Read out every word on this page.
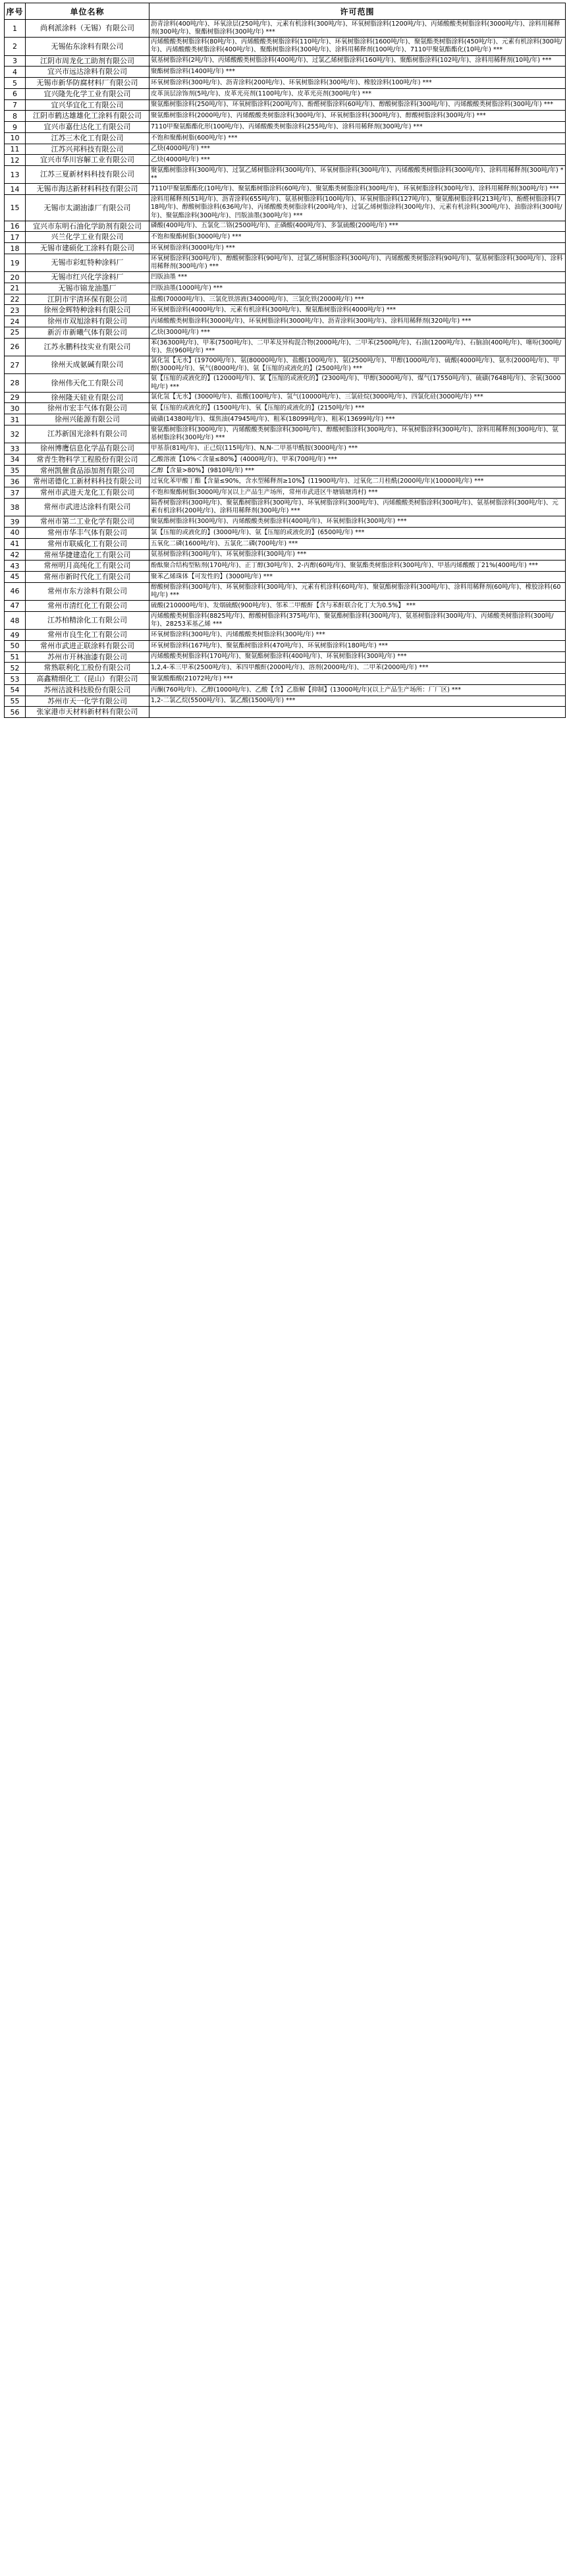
序号	单位名称	许可范围
1	尚利派涂料（无锡）有限公司	沥青涂料(400吨/年)、环氧涂层(250吨/年)、元素有机涂料(300吨/年)、环氧树脂涂料(1200吨/年)、丙烯酸酸类树脂涂料(3000吨/年)、涂料用稀释剂(300吨/年)、聚酯树脂涂料(300吨/年) ***
2	无锡佑东涂料有限公司	丙烯酸酸类树脂涂料(80吨/年)、丙烯酸酸类树脂涂料(110吨/年)、环氧树脂涂料(1600吨/年)、聚氨酯类树脂涂料(450吨/年)、元素有机涂料(300吨/年)、丙烯酸酸类树脂涂料(400吨/年)、聚酯树脂涂料(300吨/年)、涂料用稀释剂(100吨/年)、7110甲聚氨酯酯化(10吨/年) ***
3	江阴市周龙化工助剂有限公司	氨基树脂涂料(2吨/年)、丙烯酸酸类树脂涂料(400吨/年)、过氯乙烯树脂涂料(160吨/年)、聚酯树脂涂料(102吨/年)、涂料用稀释剂(10吨/年) ***
4	宜兴市远达涂料有限公司	聚酯树脂涂料(1400吨/年) ***
5	无锡市新华防腐材料厂有限公司	环氧树脂涂料(300吨/年)、沥青涂料(200吨/年)、环氧树脂涂料(300吨/年)、橡胶涂料(100吨/年) ***
6	宜兴隆先化学工业有限公司	皮革顶层涂饰剂(5吨/年)、皮革光亮剂(1100吨/年)、皮革光亮剂(300吨/年) ***
7	宜兴华宜化工有限公司	聚氨酯树脂涂料(250吨/年)、环氧树脂涂料(200吨/年)、酚醛树脂涂料(60吨/年)、醇酸树脂涂料(300吨/年)、丙烯酸酸类树脂涂料(300吨/年) ***
8	江阴市鹤达雄雄化工涂料有限公司	聚氨酯树脂涂料(2000吨/年)、丙烯酸酸类树脂涂料(300吨/年)、环氧树脂涂料(300吨/年)、醇酸树脂涂料(300吨/年) ***
9	宜兴市嘉仕达化工有限公司	7110甲聚氨酯酯化形(100吨/年)、丙烯酸酸类树脂涂料(255吨/年)、涂料用稀释剂(300吨/年) ***
10	江苏三木化工有限公司	不饱和聚酯树脂(600吨/年) ***
11	江苏兴邦科技有限公司	乙炔(4000吨/年) ***
12	宜兴市华川容解工业有限公司	乙炔(4000吨/年) ***
13	江苏三夏新材料科技有限公司	聚氨酯树脂涂料(300吨/年)、过氯乙烯树脂涂料(300吨/年)、环氧树脂涂料(300吨/年)、丙烯酸酸类树脂涂料(300吨/年)、涂料用稀释剂(300吨/年) ***
14	无锡市海达新材料科技有限公司	7110甲聚氨酯酯化(10吨/年)、聚氨酯树脂涂料(60吨/年)、聚氨酯类树脂涂料(300吨/年)、环氧树脂涂料(300吨/年)、涂料用稀释剂(300吨/年) ***
15	无锡市太湖油漆厂有限公司	涂料用稀释剂(51吨/年)、沥青涂料(655吨/年)、氨基树脂涂料(100吨/年)、环氧树脂涂料(127吨/年)、聚氨酯树脂涂料(213吨/年)、酚醛树脂涂料(718吨/年)、醇酸树脂涂料(636吨/年)、丙烯酸酸类树脂涂料(200吨/年)、过氯乙烯树脂涂料(300吨/年)、元素有机涂料(300吨/年)、油脂涂料(300吨/年)、聚氨酯涂料(300吨/年)、凹版油墨(300吨/年) ***
16	宜兴市东明石油化学助剂有限公司	磷酸(400吨/年)、五氯化二铬(2500吨/年)、正磷酸(400吨/年)、多氯硫酸(200吨/年) ***
17	兴兰化学工业有限公司	不饱和聚酯树脂(3000吨/年) ***
18	无锡市建硕化工涂料有限公司	环氧树脂涂料(3000吨/年) ***
19	无锡市彩虹特种涂料厂	环氧树脂涂料(300吨/年)、醇酸树脂涂料(90吨/年)、过氯乙烯树脂涂料(300吨/年)、丙烯酸酸类树脂涂料(90吨/年)、氨基树脂涂料(300吨/年)、涂料用稀释剂(300吨/年) ***
20	无锡市红兴化学涂料厂	凹版油墨 ***
21	无锡市锦龙油墨厂	凹版油墨(1000吨/年) ***
22	江阴市宇清环保有限公司	盐酸(70000吨/年)、三氯化铁溶液(34000吨/年)、三氯化铁(2000吨/年) ***
23	徐州金辉特种涂料有限公司	环氧树脂涂料(4000吨/年)、元素有机涂料(300吨/年)、聚氨酯树脂涂料(4000吨/年) ***
24	徐州市双旭涂料有限公司	丙烯酸酸类树脂涂料(3000吨/年)、环氧树脂涂料(3000吨/年)、沥青涂料(300吨/年)、涂料用稀释剂(320吨/年) ***
25	新沂市新曦气体有限公司	乙炔(3000吨/年) ***
26	江苏永鹏科技实业有限公司	苯(36300吨/年)、甲苯(7500吨/年)、二甲苯及异构混合物(2000吨/年)、二甲苯(2500吨/年)、石油(1200吨/年)、石脑油(400吨/年)、噻吩(300吨/年)、焦(960吨/年) ***
27	徐州天成氨碱有限公司	氯化氢【无水】(19700吨/年)、氨(80000吨/年)、盐酸(100吨/年)、氨(2500吨/年)、甲醇(1000吨/年)、硫酸(4000吨/年)、氨水(2000吨/年)、甲醇(3000吨/年)、氧气(8000吨/年)、氨【压缩的或液化的】(2500吨/年) ***
28	徐州伟天化工有限公司	氨【压缩的或液化的】(12000吨/年)、氯【压缩的或液化的】(2300吨/年)、甲醇(3000吨/年)、煤气(17550吨/年)、硫磺(7648吨/年)、余氧(3000吨/年) ***
29	徐州隆天硅业有限公司	氯化氢【无水】(3000吨/年)、盐酸(100吨/年)、氢气(10000吨/年)、三氯硅烷(3000吨/年)、四氯化硅(3000吨/年) ***
30	徐州市宏丰气体有限公司	氨【压缩的或液化的】(1500吨/年)、氧【压缩的或液化的】(2150吨/年) ***
31	徐州兴能源有限公司	硫磺(14380吨/年)、煤焦油(47945吨/年)、粗苯(18099吨/年)、粗苯(13699吨/年) ***
32	江苏新国光涂料有限公司	聚氨酯树脂涂料(300吨/年)、丙烯酸酸类树脂涂料(300吨/年)、醇酸树脂涂料(300吨/年)、环氧树脂涂料(300吨/年)、涂料用稀释剂(300吨/年)、氨基树脂涂料(300吨/年) ***
33	徐州博鹰信息化学品有限公司	甲基萘(81吨/年)、正己烷(115吨/年)、N,N-二甲基甲酰胺(3000吨/年) ***
34	常青生物科学工程股份有限公司	乙酸溶液【10%＜含量≤80%】(4000吨/年)、甲苯(700吨/年) ***
35	常州凯催食品添加剂有限公司	乙醇【含量>80%】(9810吨/年) ***
36	常州诺德化工新材料科技有限公司	过氧化苯甲酸丁酯【含量≤90%，含水型稀释剂≥10%】(11900吨/年)、过氧化二月桂酰(2000吨/年)(10000吨/年) ***
37	常州市武进天龙化工有限公司	不饱和聚酯树脂(3000吨/年)(以上产品生产场所，常州市武进区牛塘镇塘湾村) ***
38	常州市武进达涂料有限公司	隔香树脂涂料(300吨/年)、聚氨酯树脂涂料(300吨/年)、环氧树脂涂料(300吨/年)、丙烯酸酸类树脂涂料(300吨/年)、氨基树脂涂料(300吨/年)、元素有机涂料(200吨/年)、涂料用稀释剂(300吨/年) ***
39	常州市第二工业化学有限公司	聚氨酯树脂涂料(300吨/年)、丙烯酸酸类树脂涂料(400吨/年)、环氧树脂涂料(300吨/年) ***
40	常州市华丰气体有限公司	氯【压缩的或液化的】(3000吨/年)、氨【压缩的或液化的】(6500吨/年) ***
41	常州市联威化工有限公司	五氧化二磷(1600吨/年)、五氯化二磷(700吨/年) ***
42	常州华捷建造化工有限公司	氨基树脂涂料(300吨/年)、环氧树脂涂料(300吨/年) ***
43	常州明月高纯化工有限公司	酚酞聚合结构型粘剂(170吨/年)、正丁醇(30吨/年)、2-丙醇(60吨/年)、聚氨酯类树脂涂料(300吨/年)、甲基丙烯酸酸丁21%(400吨/年) ***
45	常州市新时代化工有限公司	聚苯乙烯珠体【可发性的】(3000吨/年) ***
46	常州市东方涂料有限公司	醇酸树脂涂料(300吨/年)、环氧树脂涂料(300吨/年)、元素有机涂料(60吨/年)、聚氨酯树脂涂料(300吨/年)、涂料用稀释剂(60吨/年)、橡胶涂料(60吨/年) ***
47	常州市清红化工有限公司	硫酸(210000吨/年)、发烟硫酸(900吨/年)、邻苯二甲酸酐【含与苯酐联合化丁大为0.5%】 ***
48	江苏柏精涂化工有限公司	丙烯酸酸类树脂涂料(8825吨/年)、醇酸树脂涂料(375吨/年)、聚氨酯树脂涂料(300吨/年)、氨基树脂涂料(300吨/年)、丙烯酸类树脂涂料(300吨/年)、28253苯基乙烯 ***
49	常州市良生化工有限公司	环氧树脂涂料(300吨/年)、丙烯酸酸类树脂涂料(300吨/年) ***
50	常州市武进正联涂料有限公司	环氧树脂涂料(167吨/年)、聚氨酯树脂涂料(470吨/年)、环氧树脂涂料(180吨/年) ***
51	苏州市开林油漆有限公司	丙烯酸酸类树脂涂料(170吨/年)、聚氨酯树脂涂料(400吨/年)、环氧树脂涂料(300吨/年) ***
52	常熟联利化工股份有限公司	1,2,4-苯三甲苯(2500吨/年)、苯四甲酸酐(2000吨/年)、溶剂(2000吨/年)、二甲苯(2000吨/年) ***
53	高鑫精细化工（昆山）有限公司	聚氯酸酯酸(21072吨/年) ***
54	苏州沽波科技股份有限公司	丙酮(760吨/年)、乙醇(1000吨/年)、乙酸【含】乙脂解【抑制】(13000吨/年)(以上产品生产场所：厂厂区) ***
55	苏州市天一化学有限公司	1,2-二氯乙烷(5500吨/年)、氯乙酸(1500吨/年) ***
56	张家港市天材料新材料有限公司	
